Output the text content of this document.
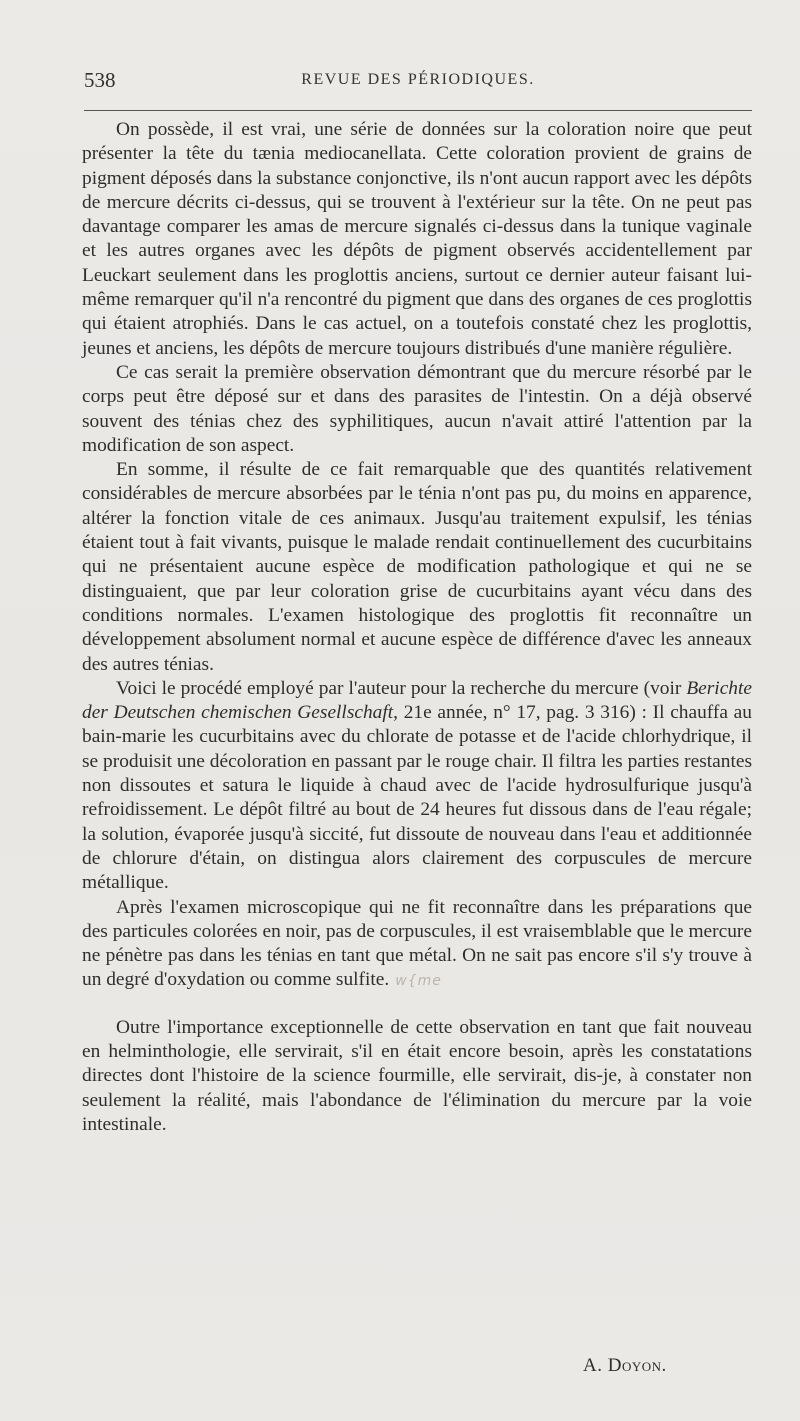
538	REVUE DES PÉRIODIQUES.

On possède, il est vrai, une série de données sur la coloration noire que peut présenter la tête du tænia mediocanellata. Cette coloration provient de grains de pigment déposés dans la substance conjonctive, ils n'ont aucun rapport avec les dépôts de mercure décrits ci-dessus, qui se trouvent à l'extérieur sur la tête. On ne peut pas davantage comparer les amas de mercure signalés ci-dessus dans la tunique vaginale et les autres organes avec les dépôts de pigment observés accidentellement par Leuckart seulement dans les proglottis anciens, surtout ce dernier auteur faisant lui-même remarquer qu'il n'a rencontré du pigment que dans des organes de ces proglottis qui étaient atrophiés. Dans le cas actuel, on a toutefois constaté chez les proglottis, jeunes et anciens, les dépôts de mercure toujours distribués d'une manière régulière.

Ce cas serait la première observation démontrant que du mercure résorbé par le corps peut être déposé sur et dans des parasites de l'intestin. On a déjà observé souvent des ténias chez des syphilitiques, aucun n'avait attiré l'attention par la modification de son aspect.

En somme, il résulte de ce fait remarquable que des quantités relativement considérables de mercure absorbées par le ténia n'ont pas pu, du moins en apparence, altérer la fonction vitale de ces animaux. Jusqu'au traitement expulsif, les ténias étaient tout à fait vivants, puisque le malade rendait continuellement des cucurbitains qui ne présentaient aucune espèce de modification pathologique et qui ne se distinguaient, que par leur coloration grise de cucurbitains ayant vécu dans des conditions normales. L'examen histologique des proglottis fit reconnaître un développement absolument normal et aucune espèce de différence d'avec les anneaux des autres ténias.

Voici le procédé employé par l'auteur pour la recherche du mercure (voir Berichte der Deutschen chemischen Gesellschaft, 21e année, n° 17, pag. 3 316) : Il chauffa au bain-marie les cucurbitains avec du chlorate de potasse et de l'acide chlorhydrique, il se produisit une décoloration en passant par le rouge chair. Il filtra les parties restantes non dissoutes et satura le liquide à chaud avec de l'acide hydrosulfurique jusqu'à refroidissement. Le dépôt filtré au bout de 24 heures fut dissous dans de l'eau régale; la solution, évaporée jusqu'à siccité, fut dissoute de nouveau dans l'eau et additionnée de chlorure d'étain, on distingua alors clairement des corpuscules de mercure métallique.

Après l'examen microscopique qui ne fit reconnaître dans les préparations que des particules colorées en noir, pas de corpuscules, il est vraisemblable que le mercure ne pénètre pas dans les ténias en tant que métal. On ne sait pas encore s'il s'y trouve à un degré d'oxydation ou comme sulfite. w{me

Outre l'importance exceptionnelle de cette observation en tant que fait nouveau en helminthologie, elle servirait, s'il en était encore besoin, après les constatations directes dont l'histoire de la science fourmille, elle servirait, dis-je, à constater non seulement la réalité, mais l'abondance de l'élimination du mercure par la voie intestinale.

A. Doyon.
